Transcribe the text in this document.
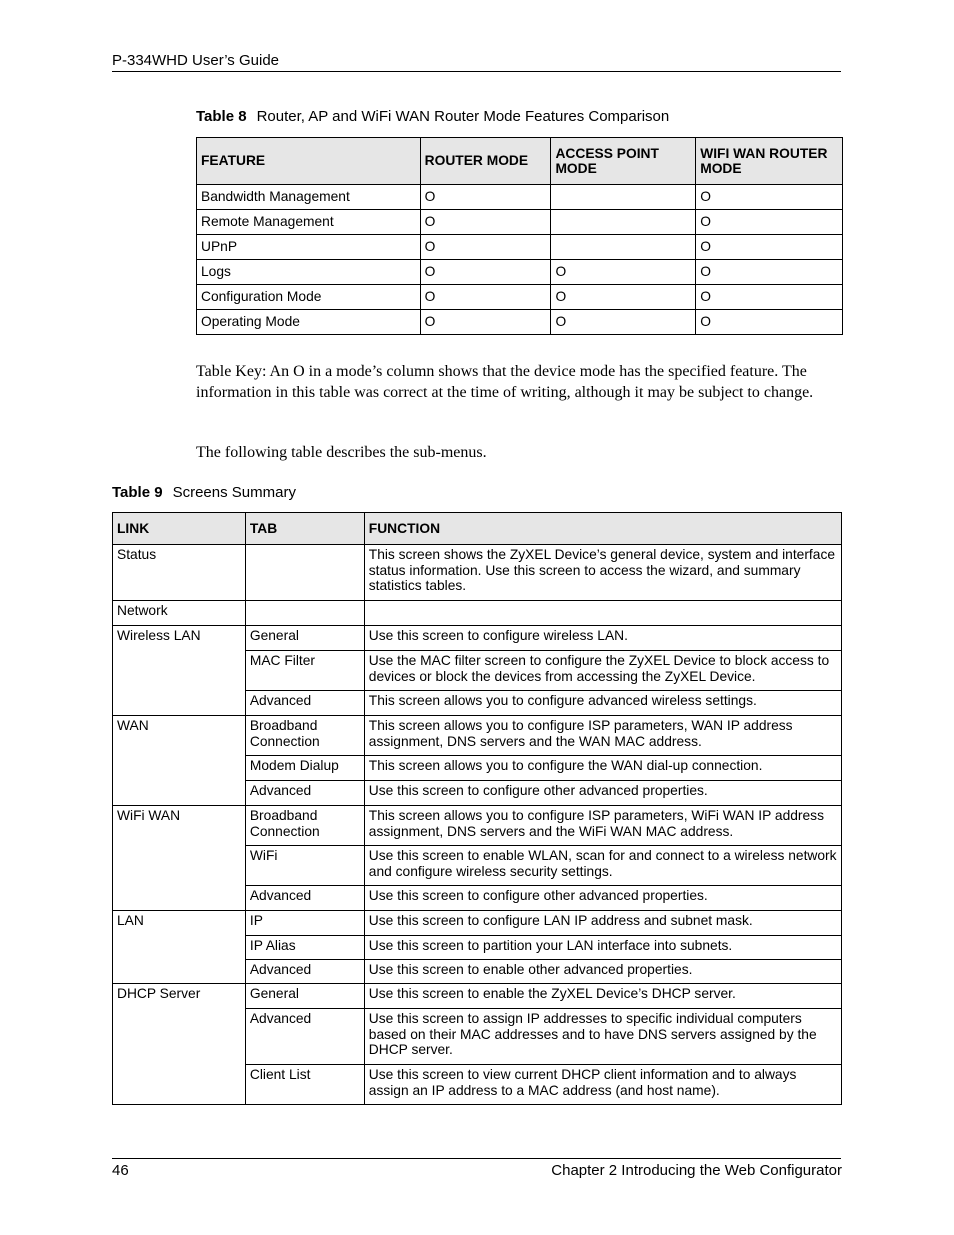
P-334WHD User’s Guide
Table 8 Router, AP and WiFi WAN Router Mode Features Comparison
FEATURE	ROUTER MODE	ACCESS POINT MODE	WIFI WAN ROUTER MODE
Bandwidth Management	O		O
Remote Management	O		O
UPnP	O		O
Logs	O	O	O
Configuration Mode	O	O	O
Operating Mode	O	O	O

Table Key: An O in a mode’s column shows that the device mode has the specified feature. The information in this table was correct at the time of writing, although it may be subject to change.

The following table describes the sub-menus.

Table 9 Screens Summary
LINK	TAB	FUNCTION
Status		This screen shows the ZyXEL Device’s general device, system and interface status information. Use this screen to access the wizard, and summary statistics tables.
Network		
Wireless LAN	General	Use this screen to configure wireless LAN.
	MAC Filter	Use the MAC filter screen to configure the ZyXEL Device to block access to devices or block the devices from accessing the ZyXEL Device.
	Advanced	This screen allows you to configure advanced wireless settings.
WAN	Broadband Connection	This screen allows you to configure ISP parameters, WAN IP address assignment, DNS servers and the WAN MAC address.
	Modem Dialup	This screen allows you to configure the WAN dial-up connection.
	Advanced	Use this screen to configure other advanced properties.
WiFi WAN	Broadband Connection	This screen allows you to configure ISP parameters, WiFi WAN IP address assignment, DNS servers and the WiFi WAN MAC address.
	WiFi	Use this screen to enable WLAN, scan for and connect to a wireless network and configure wireless security settings.
	Advanced	Use this screen to configure other advanced properties.
LAN	IP	Use this screen to configure LAN IP address and subnet mask.
	IP Alias	Use this screen to partition your LAN interface into subnets.
	Advanced	Use this screen to enable other advanced properties.
DHCP Server	General	Use this screen to enable the ZyXEL Device’s DHCP server.
	Advanced	Use this screen to assign IP addresses to specific individual computers based on their MAC addresses and to have DNS servers assigned by the DHCP server.
	Client List	Use this screen to view current DHCP client information and to always assign an IP address to a MAC address (and host name).
46	Chapter 2 Introducing the Web Configurator
